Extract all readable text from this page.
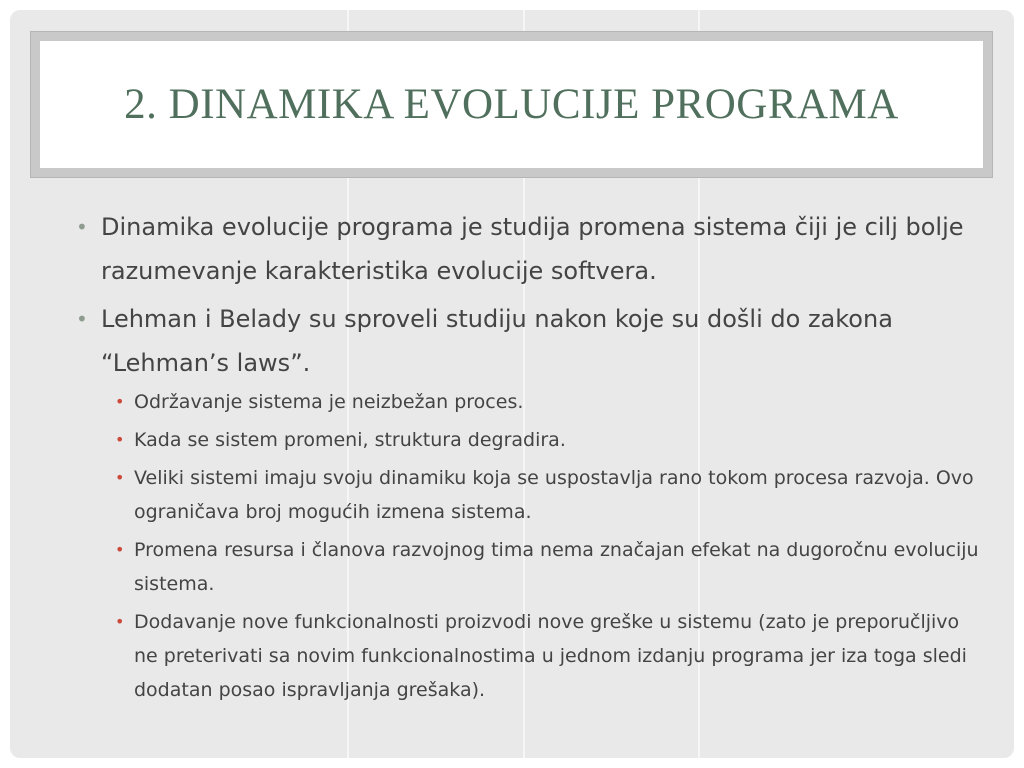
2. DINAMIKA EVOLUCIJE PROGRAMA

• Dinamika evolucije programa je studija promena sistema čiji je cilj bolje razumevanje karakteristika evolucije softvera.

• Lehman i Belady su sproveli studiju nakon koje su došli do zakona “Lehman’s laws”.

• Održavanje sistema je neizbežan proces.

• Kada se sistem promeni, struktura degradira.

• Veliki sistemi imaju svoju dinamiku koja se uspostavlja rano tokom procesa razvoja. Ovo ograničava broj mogućih izmena sistema.

• Promena resursa i članova razvojnog tima nema značajan efekat na dugoročnu evoluciju sistema.

• Dodavanje nove funkcionalnosti proizvodi nove greške u sistemu (zato je preporučljivo ne preterivati sa novim funkcionalnostima u jednom izdanju programa jer iza toga sledi dodatan posao ispravljanja grešaka).
